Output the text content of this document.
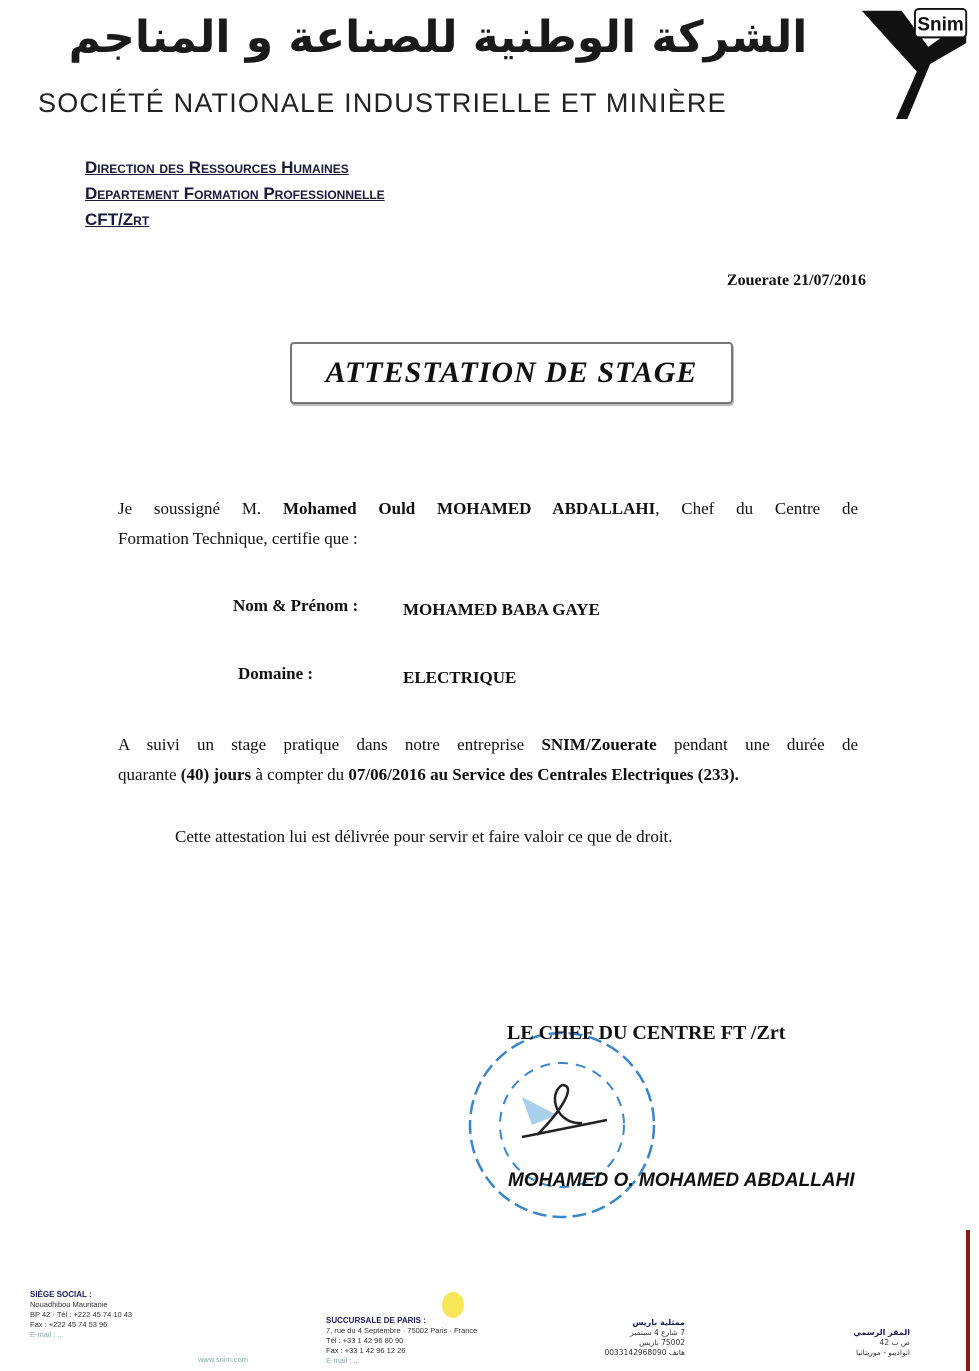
الشركة الوطنية للصناعة و المناجم
SOCIÉTÉ NATIONALE INDUSTRIELLE ET MINIÈRE
Snim
Direction des Ressources Humaines
Departement Formation Professionnelle
CFT/Zrt
Zouerate 21/07/2016
ATTESTATION DE STAGE
Je soussigné M. Mohamed Ould MOHAMED ABDALLAHI, Chef du Centre de
Formation Technique, certifie que :
Nom & Prénom :	MOHAMED BABA GAYE
Domaine :	ELECTRIQUE
A suivi un stage pratique dans notre entreprise SNIM/Zouerate pendant une durée de
quarante (40) jours à compter du 07/06/2016 au Service des Centrales Electriques (233).
Cette attestation lui est délivrée pour servir et faire valoir ce que de droit.
LE CHEF DU CENTRE FT /Zrt
MOHAMED O. MOHAMED ABDALLAHI
SIÈGE SOCIAL :
Nouadhibou Mauritanie
BP 42 · Tél : +222 45 74 10 43
Fax : +222 45 74 53 96
E-mail : ...
www.snim.com
SUCCURSALE DE PARIS :
7, rue du 4 Septembre · 75002 Paris · France
Tél : +33 1 42 96 80 90
Fax : +33 1 42 96 12 26
E-mail : ...
ممثلية باريس
7 شارع 4 سبتمبر
75002 باريس
هاتف 0033142968090
المقر الرسمي
ص ب 42
انواذيبو - موريتانيا
